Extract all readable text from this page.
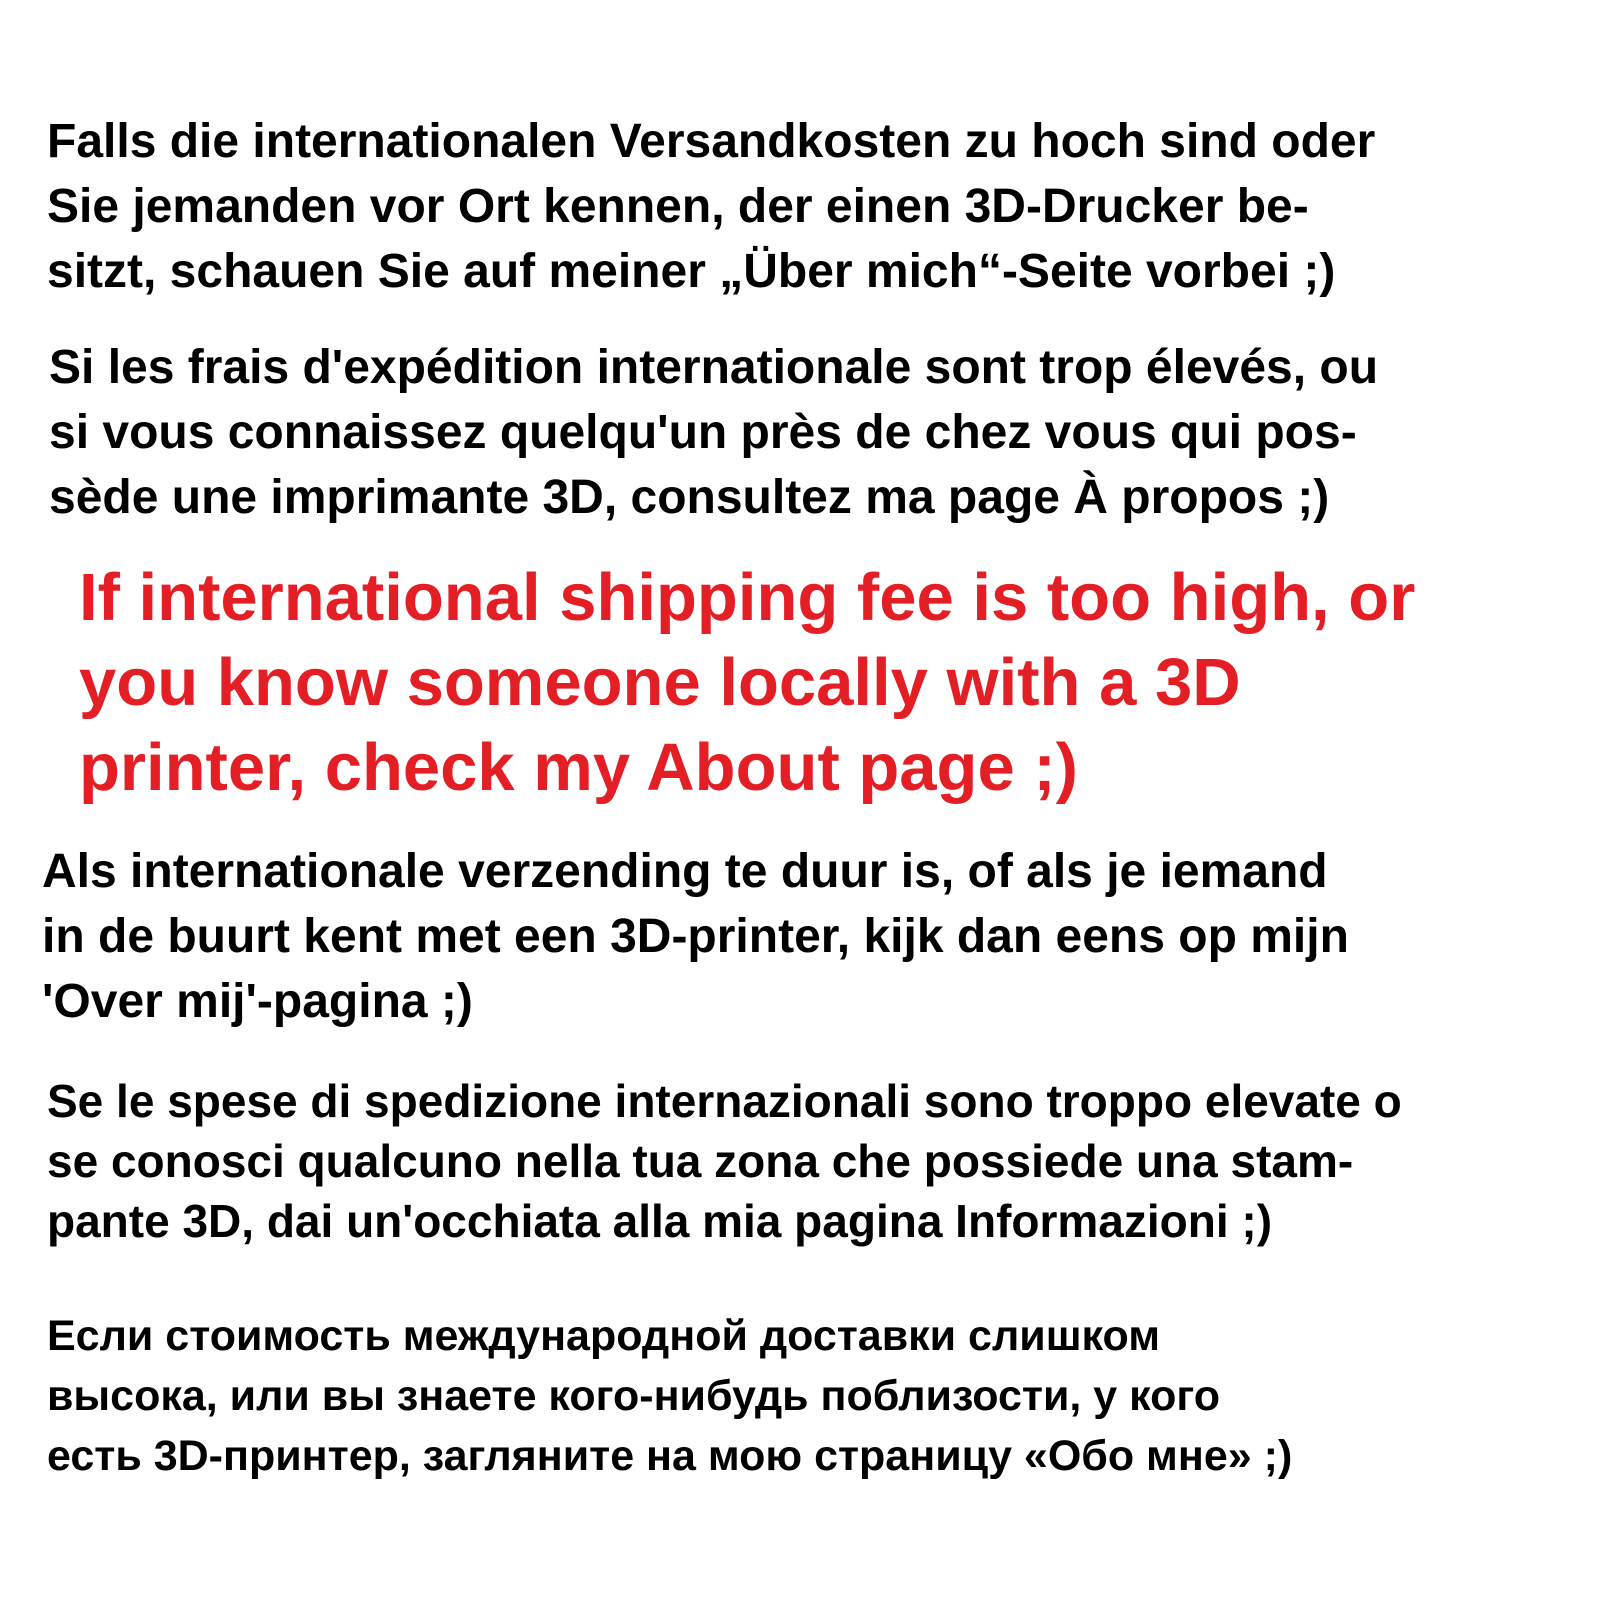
Falls die internationalen Versandkosten zu hoch sind oder
Sie jemanden vor Ort kennen, der einen 3D-Drucker be-
sitzt, schauen Sie auf meiner „Über mich“-Seite vorbei ;)

Si les frais d'expédition internationale sont trop élevés, ou
si vous connaissez quelqu'un près de chez vous qui pos-
sède une imprimante 3D, consultez ma page À propos ;)

If international shipping fee is too high, or
you know someone locally with a 3D
printer, check my About page ;)

Als internationale verzending te duur is, of als je iemand
in de buurt kent met een 3D-printer, kijk dan eens op mijn
'Over mij'-pagina ;)

Se le spese di spedizione internazionali sono troppo elevate o
se conosci qualcuno nella tua zona che possiede una stam-
pante 3D, dai un'occhiata alla mia pagina Informazioni ;)

Если стоимость международной доставки слишком
высока, или вы знаете кого-нибудь поблизости, у кого
есть 3D-принтер, загляните на мою страницу «Обо мне» ;)
